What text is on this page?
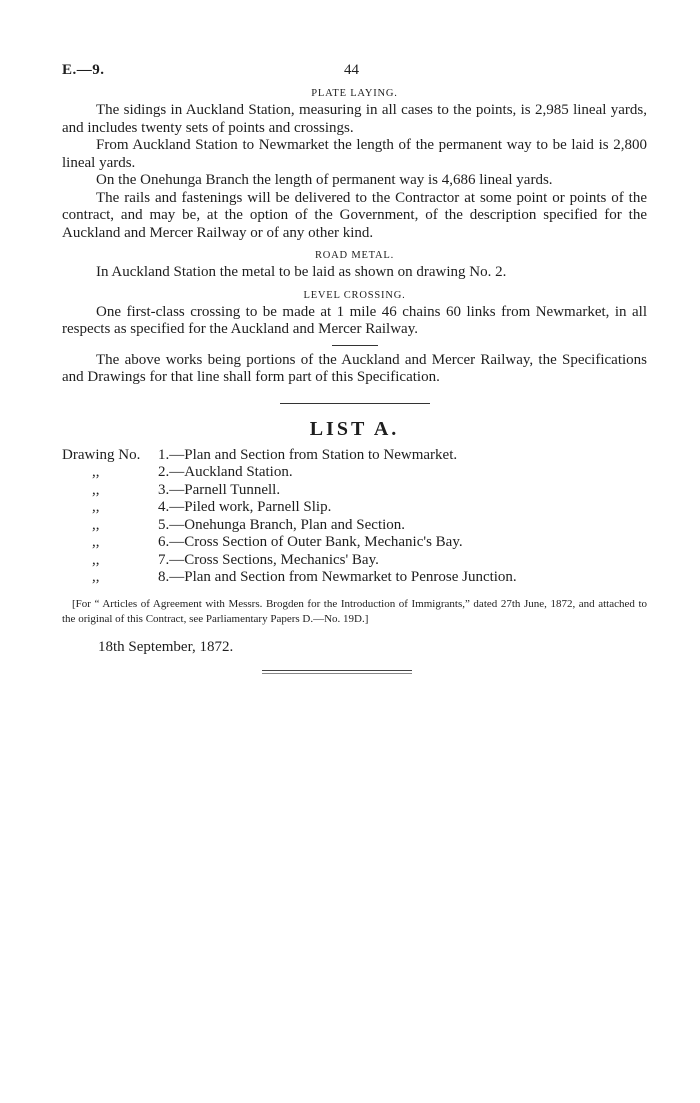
E.—9.	44
PLATE LAYING.

The sidings in Auckland Station, measuring in all cases to the points, is 2,985 lineal yards, and includes twenty sets of points and crossings.

From Auckland Station to Newmarket the length of the permanent way to be laid is 2,800 lineal yards.

On the Onehunga Branch the length of permanent way is 4,686 lineal yards.

The rails and fastenings will be delivered to the Contractor at some point or points of the contract, and may be, at the option of the Government, of the description specified for the Auckland and Mercer Railway or of any other kind.

ROAD METAL.

In Auckland Station the metal to be laid as shown on drawing No. 2.

LEVEL CROSSING.

One first-class crossing to be made at 1 mile 46 chains 60 links from Newmarket, in all respects as specified for the Auckland and Mercer Railway.

The above works being portions of the Auckland and Mercer Railway, the Specifications and Drawings for that line shall form part of this Specification.

LIST A.
Drawing No.	1.—Plan and Section from Station to Newmarket.
,,	2.—Auckland Station.
,,	3.—Parnell Tunnell.
,,	4.—Piled work, Parnell Slip.
,,	5.—Onehunga Branch, Plan and Section.
,,	6.—Cross Section of Outer Bank, Mechanic's Bay.
,,	7.—Cross Sections, Mechanics' Bay.
,,	8.—Plan and Section from Newmarket to Penrose Junction.
[For “ Articles of Agreement with Messrs. Brogden for the Introduction of Immigrants,” dated 27th June, 1872, and attached to the original of this Contract, see Parliamentary Papers D.—No. 19D.]
18th September, 1872.
